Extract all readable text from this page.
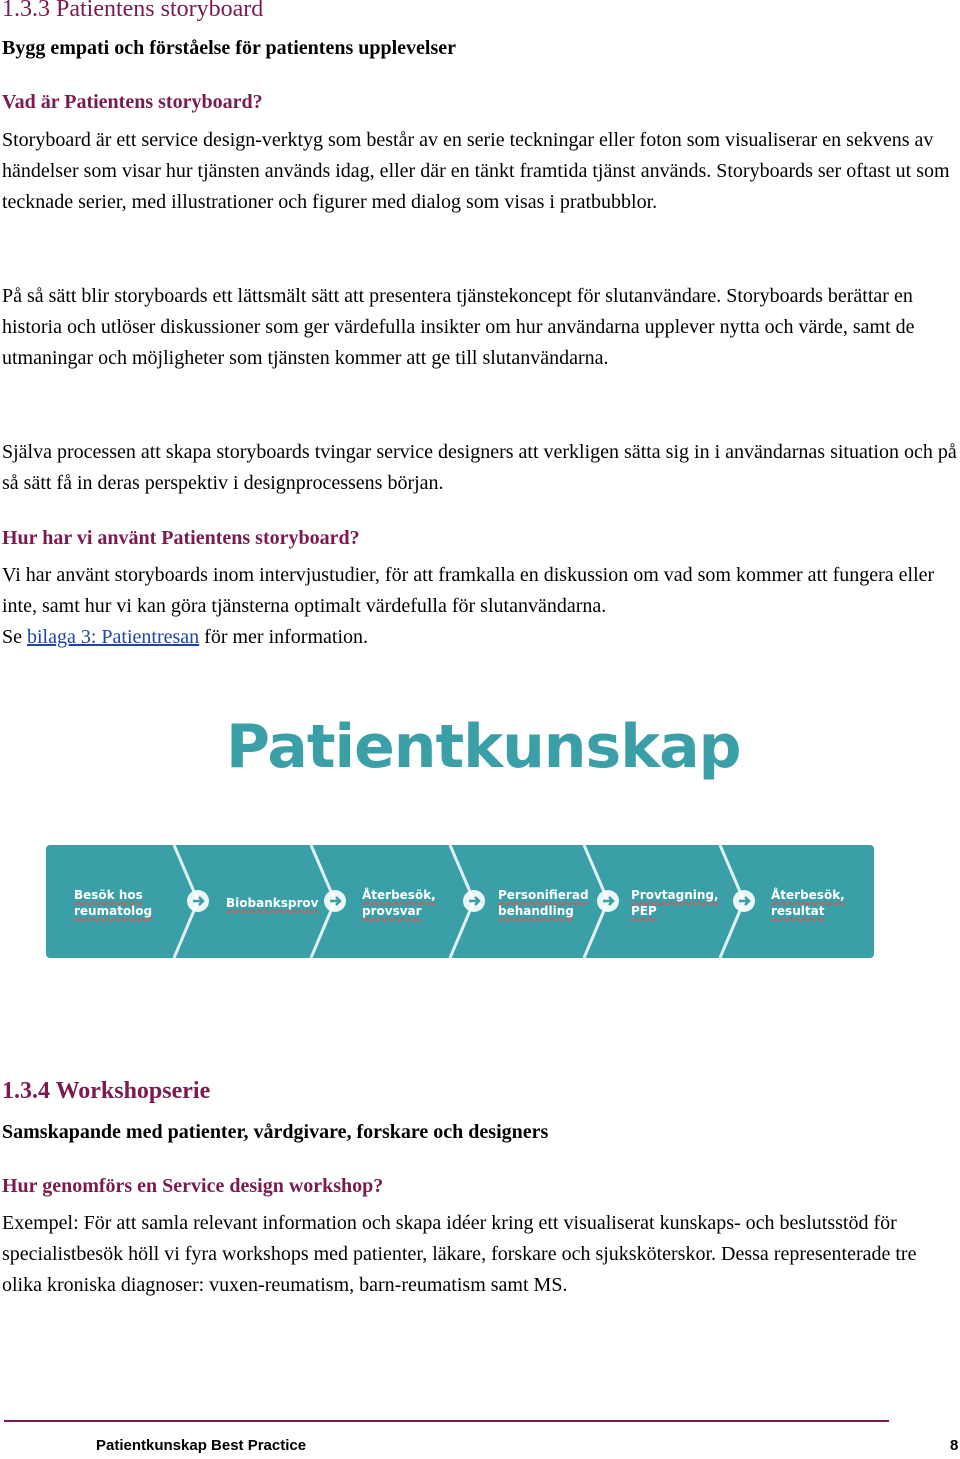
1.3.3 Patientens storyboard
Bygg empati och förståelse för patientens upplevelser
Vad är Patientens storyboard?

Storyboard är ett service design-verktyg som består av en serie teckningar eller foton som visualiserar en sekvens av händelser som visar hur tjänsten används idag, eller där en tänkt framtida tjänst används. Storyboards ser oftast ut som tecknade serier, med illustrationer och figurer med dialog som visas i pratbubblor.

På så sätt blir storyboards ett lättsmält sätt att presentera tjänstekoncept för slutanvändare. Storyboards berättar en historia och utlöser diskussioner som ger värdefulla insikter om hur användarna upplever nytta och värde, samt de utmaningar och möjligheter som tjänsten kommer att ge till slutanvändarna.

Själva processen att skapa storyboards tvingar service designers att verkligen sätta sig in i användarnas situation och på så sätt få in deras perspektiv i designprocessens början.

Hur har vi använt Patientens storyboard?

Vi har använt storyboards inom intervjustudier, för att framkalla en diskussion om vad som kommer att fungera eller inte, samt hur vi kan göra tjänsterna optimalt värdefulla för slutanvändarna.

Se bilaga 3: Patientresan för mer information.

Patientkunskap
Besök hos
reumatolog
Biobanksprov
Återbesök,
provsvar
Personifierad
behandling
Provtagning,
PEP
Återbesök,
resultat
1.3.4 Workshopserie
Samskapande med patienter, vårdgivare, forskare och designers
Hur genomförs en Service design workshop?

Exempel: För att samla relevant information och skapa idéer kring ett visualiserat kunskaps- och beslutsstöd för specialistbesök höll vi fyra workshops med patienter, läkare, forskare och sjuksköterskor. Dessa representerade tre olika kroniska diagnoser: vuxen-reumatism, barn-reumatism samt MS.

Patientkunskap Best Practice	8
